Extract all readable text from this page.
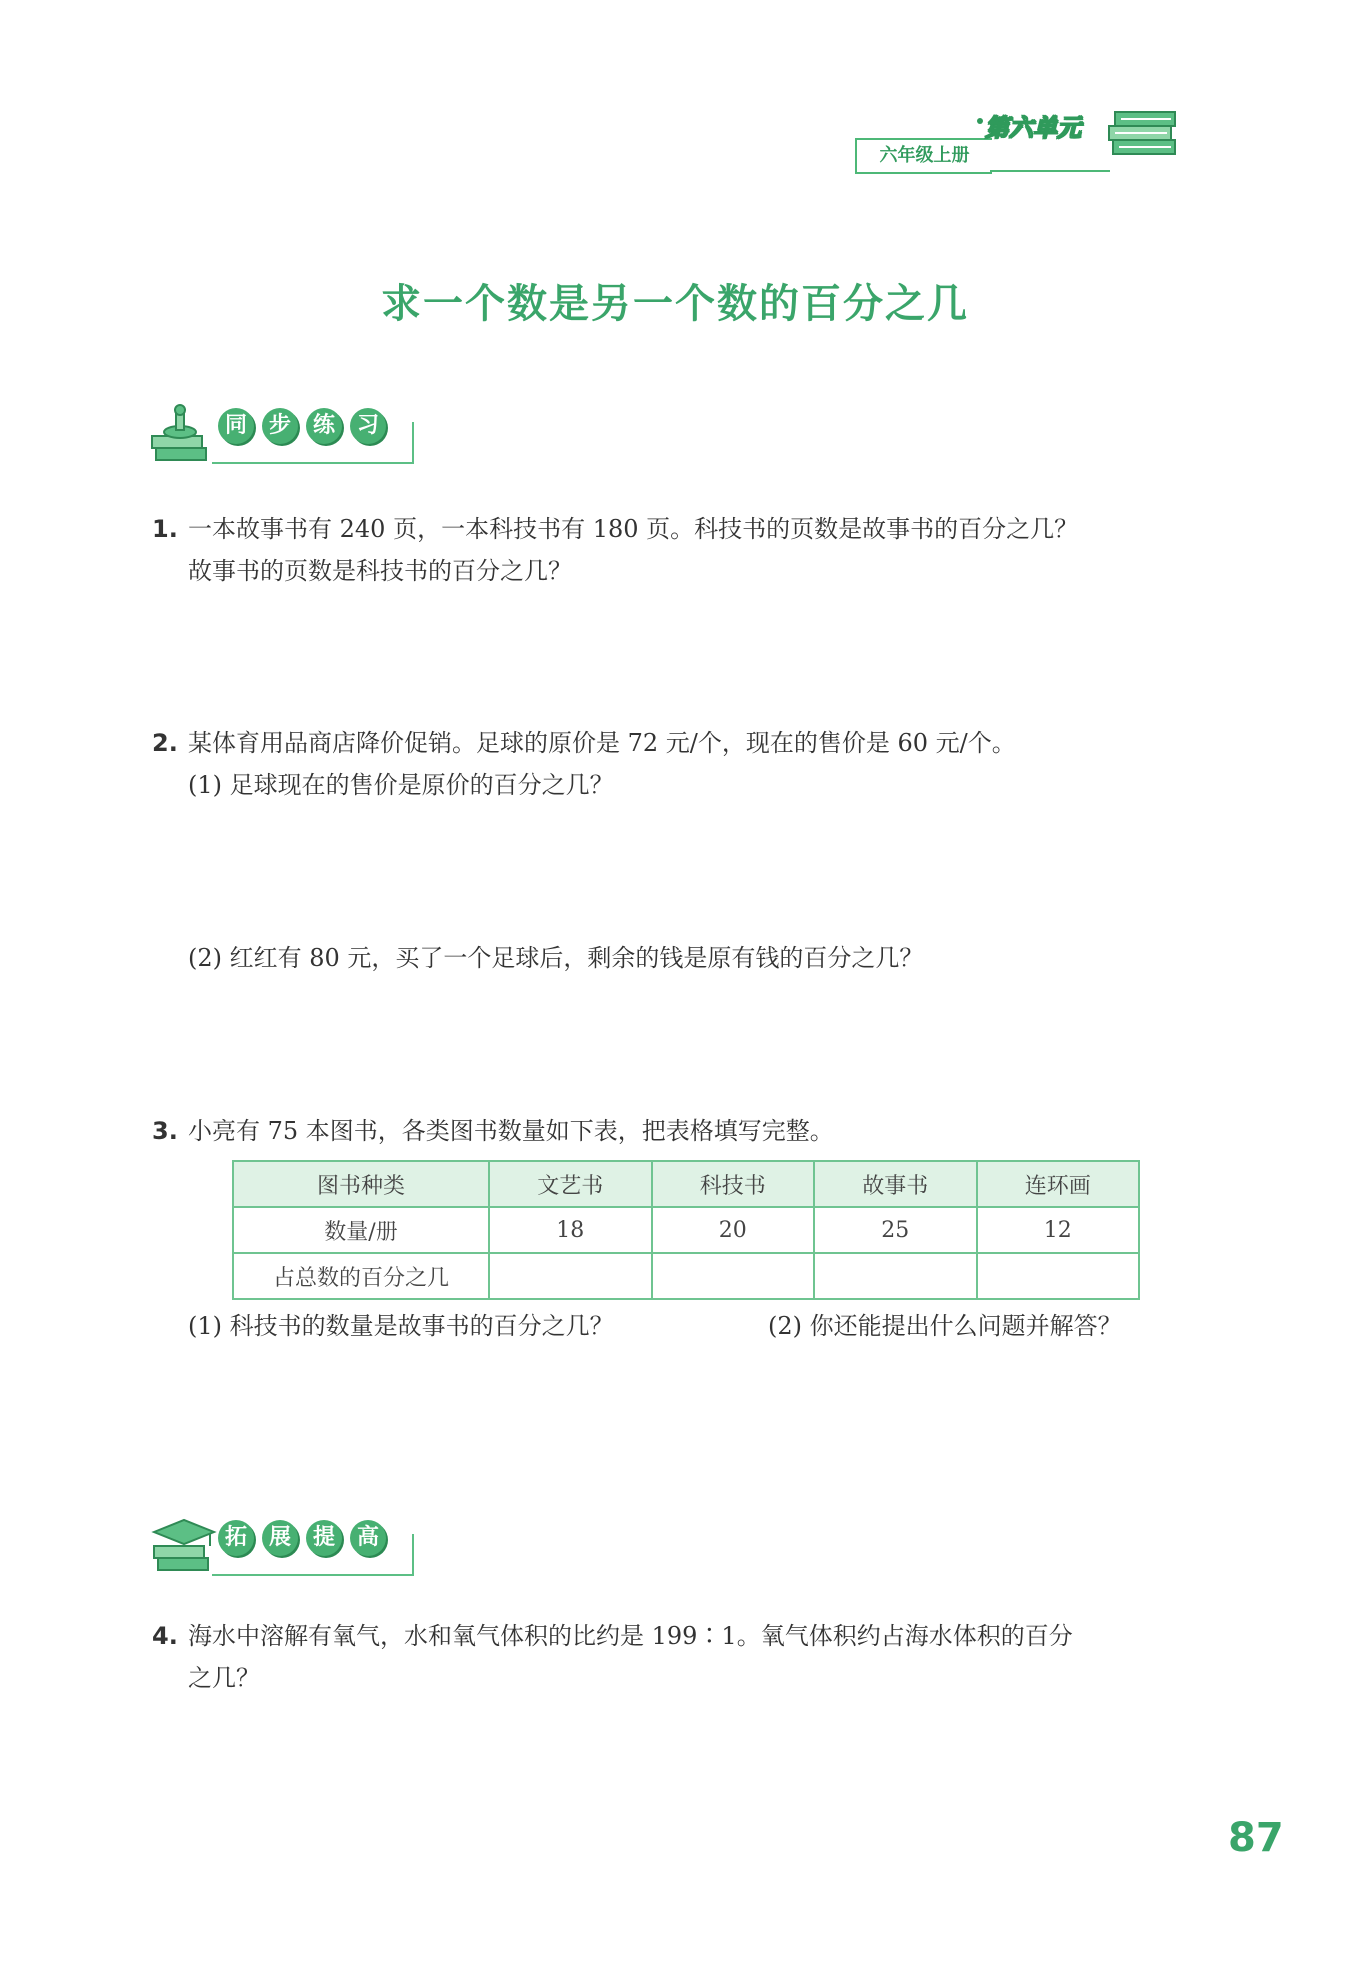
六年级上册
第六单元
求一个数是另一个数的百分之几
同 步 练 习
1. 一本故事书有 240 页，一本科技书有 180 页。科技书的页数是故事书的百分之几？
故事书的页数是科技书的百分之几？
2. 某体育用品商店降价促销。足球的原价是 72 元/个，现在的售价是 60 元/个。
(1) 足球现在的售价是原价的百分之几？
(2) 红红有 80 元，买了一个足球后，剩余的钱是原有钱的百分之几？
3. 小亮有 75 本图书，各类图书数量如下表，把表格填写完整。
图书种类	文艺书	科技书	故事书	连环画
数量/册	18	20	25	12
占总数的百分之几				
(1) 科技书的数量是故事书的百分之几？	(2) 你还能提出什么问题并解答？
拓 展 提 高
4. 海水中溶解有氧气，水和氧气体积的比约是 199∶1。氧气体积约占海水体积的百分
之几？
87
